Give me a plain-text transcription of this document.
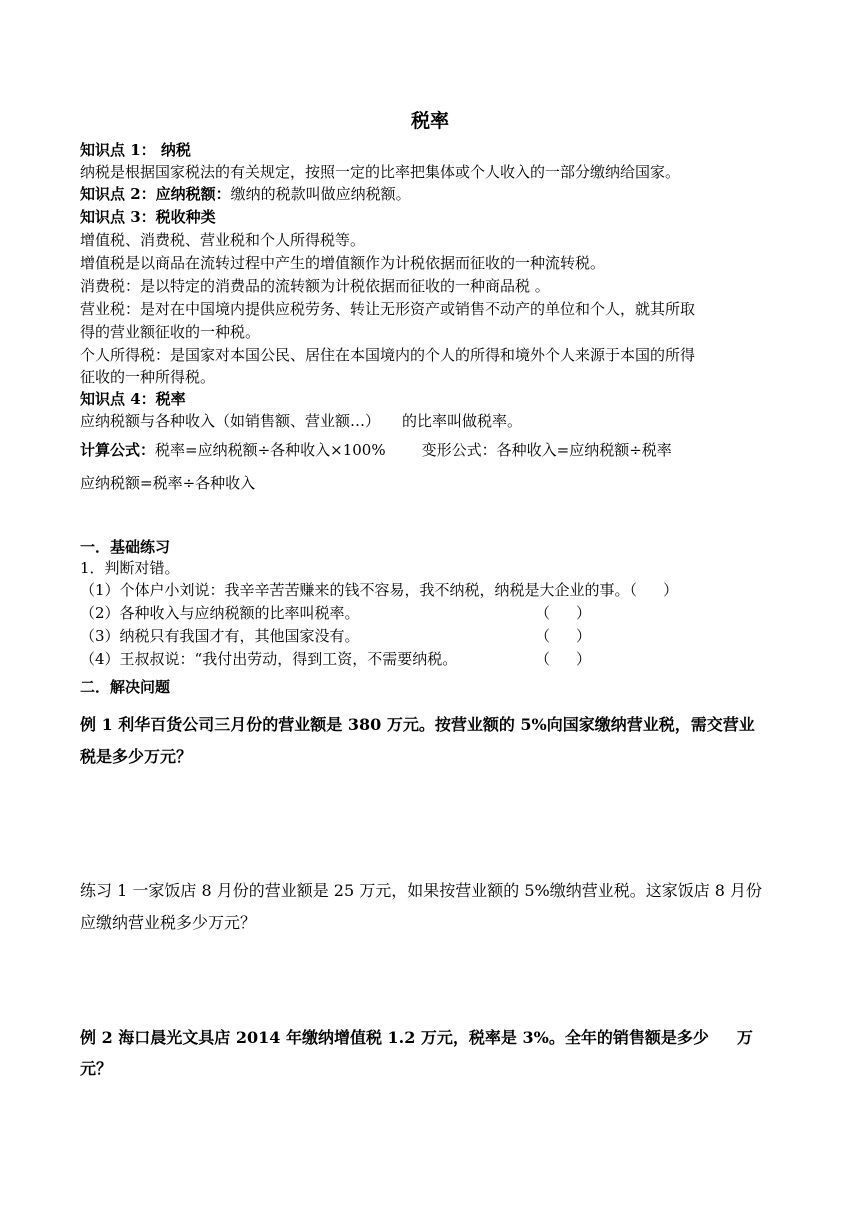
税率
知识点 1： 纳税
纳税是根据国家税法的有关规定，按照一定的比率把集体或个人收入的一部分缴纳给国家。
知识点 2：应纳税额：缴纳的税款叫做应纳税额。
知识点 3：税收种类
增值税、消费税、营业税和个人所得税等。
增值税是以商品在流转过程中产生的增值额作为计税依据而征收的一种流转税。
消费税：是以特定的消费品的流转额为计税依据而征收的一种商品税 。
营业税：是对在中国境内提供应税劳务、转让无形资产或销售不动产的单位和个人，就其所取
得的营业额征收的一种税。
个人所得税：是国家对本国公民、居住在本国境内的个人的所得和境外个人来源于本国的所得
征收的一种所得税。
知识点 4：税率
应纳税额与各种收入（如销售额、营业额…） 的比率叫做税率。
计算公式：税率=应纳税额÷各种收入×100% 变形公式：各种收入=应纳税额÷税率
应纳税额=税率÷各种收入
一．基础练习
1．判断对错。
（1）个体户小刘说：我辛辛苦苦赚来的钱不容易，我不纳税，纳税是大企业的事。（ ）
（2）各种收入与应纳税额的比率叫税率。	（ ）
（3）纳税只有我国才有，其他国家没有。	（ ）
（4）王叔叔说：“我付出劳动，得到工资，不需要纳税。	（ ）
二．解决问题
例 1 利华百货公司三月份的营业额是 380 万元。按营业额的 5%向国家缴纳营业税，需交营业
税是多少万元？
练习 1 一家饭店 8 月份的营业额是 25 万元，如果按营业额的 5%缴纳营业税。这家饭店 8 月份
应缴纳营业税多少万元？
例 2 海口晨光文具店 2014 年缴纳增值税 1.2 万元，税率是 3%。全年的销售额是多少 万
元？
